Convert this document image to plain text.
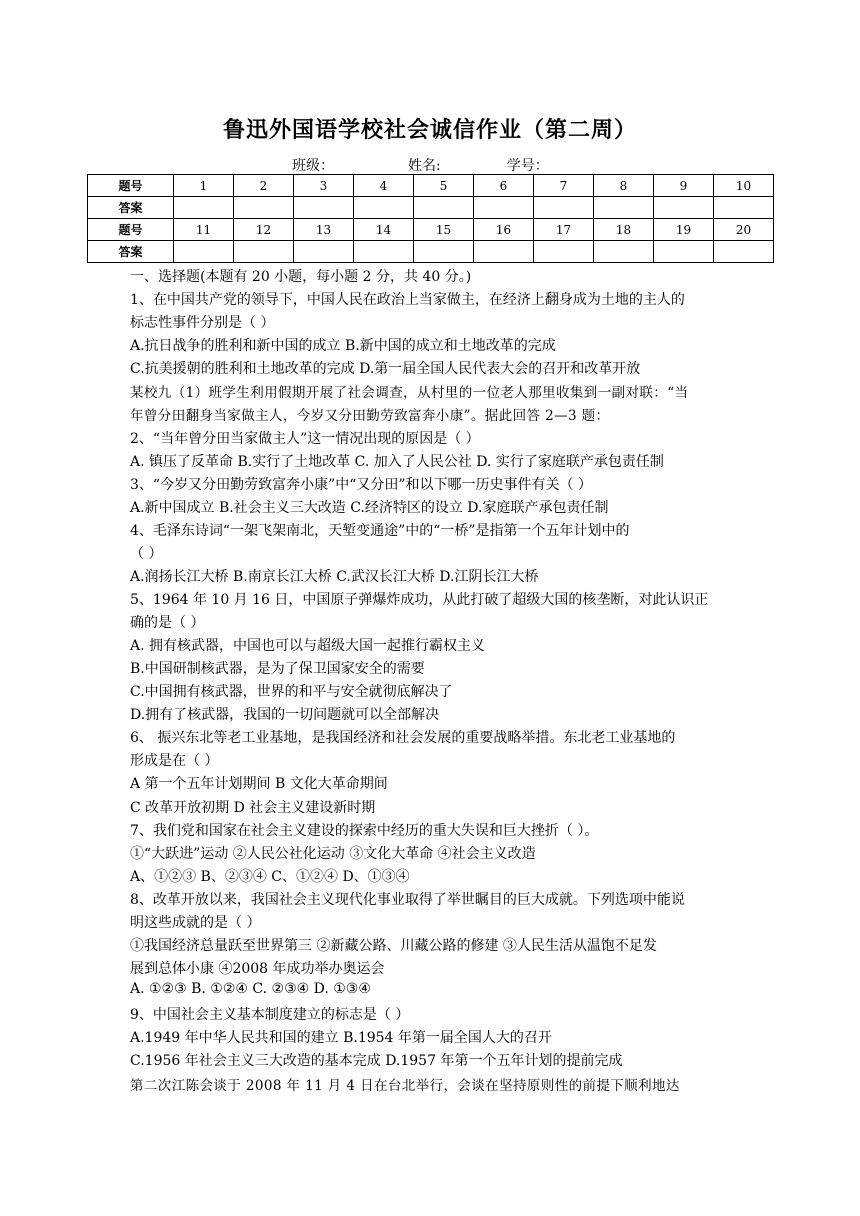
鲁迅外国语学校社会诚信作业（第二周）
班级：	姓名:	学号：
题号	1	2	3	4	5	6	7	8	9	10
答案										
题号	11	12	13	14	15	16	17	18	19	20
答案										
一、选择题(本题有 20 小题，每小题 2 分，共 40 分。)
1、在中国共产党的领导下，中国人民在政治上当家做主，在经济上翻身成为土地的主人的
标志性事件分别是（ ）
A.抗日战争的胜利和新中国的成立 B.新中国的成立和土地改革的完成
C.抗美援朝的胜利和土地改革的完成 D.第一届全国人民代表大会的召开和改革开放
某校九（1）班学生利用假期开展了社会调查，从村里的一位老人那里收集到一副对联：“当
年曾分田翻身当家做主人，今岁又分田勤劳致富奔小康”。据此回答 2—3 题：
2、“当年曾分田当家做主人”这一情况出现的原因是（ ）
A. 镇压了反革命 B.实行了土地改革 C. 加入了人民公社 D. 实行了家庭联产承包责任制
3、“今岁又分田勤劳致富奔小康”中“又分田”和以下哪一历史事件有关（ ）
A.新中国成立 B.社会主义三大改造 C.经济特区的设立 D.家庭联产承包责任制
4、毛泽东诗词“一架飞架南北，天堑变通途”中的“一桥”是指第一个五年计划中的
（ ）
A.润扬长江大桥 B.南京长江大桥 C.武汉长江大桥 D.江阴长江大桥
5、1964 年 10 月 16 日，中国原子弹爆炸成功，从此打破了超级大国的核垄断，对此认识正
确的是（ ）
A. 拥有核武器，中国也可以与超级大国一起推行霸权主义
B.中国研制核武器，是为了保卫国家安全的需要
C.中国拥有核武器，世界的和平与安全就彻底解决了
D.拥有了核武器，我国的一切问题就可以全部解决
6、 振兴东北等老工业基地，是我国经济和社会发展的重要战略举措。东北老工业基地的
形成是在（ ）
A 第一个五年计划期间 B 文化大革命期间
C 改革开放初期 D 社会主义建设新时期
7、我们党和国家在社会主义建设的探索中经历的重大失误和巨大挫折（ ）。
①“大跃进”运动 ②人民公社化运动 ③文化大革命 ④社会主义改造
A、①②③ B、②③④ C、①②④ D、①③④
8、改革开放以来，我国社会主义现代化事业取得了举世瞩目的巨大成就。下列选项中能说
明这些成就的是（ ）
①我国经济总量跃至世界第三 ②新藏公路、川藏公路的修建 ③人民生活从温饱不足发
展到总体小康 ④2008 年成功举办奥运会
A. ①②③ B. ①②④ C. ②③④ D. ①③④
9、中国社会主义基本制度建立的标志是（ ）
A.1949 年中华人民共和国的建立 B.1954 年第一届全国人大的召开
C.1956 年社会主义三大改造的基本完成 D.1957 年第一个五年计划的提前完成
第二次江陈会谈于 2008 年 11 月 4 日在台北举行，会谈在坚持原则性的前提下顺利地达
